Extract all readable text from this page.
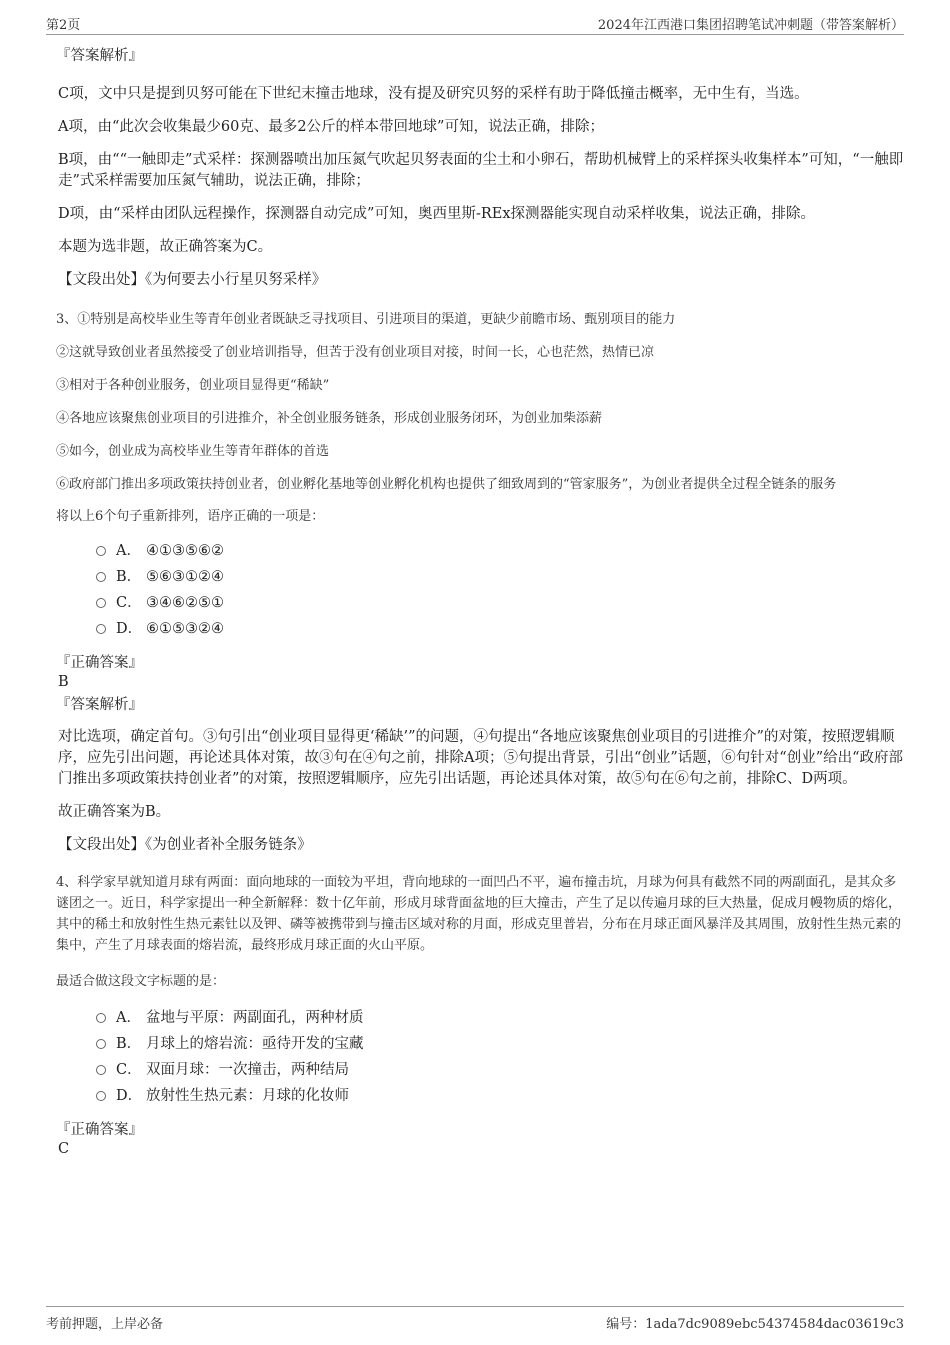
第2页	2024年江西港口集团招聘笔试冲刺题（带答案解析）
『答案解析』
C项，文中只是提到贝努可能在下世纪末撞击地球，没有提及研究贝努的采样有助于降低撞击概率，无中生有，当选。
A项，由“此次会收集最少60克、最多2公斤的样本带回地球”可知，说法正确，排除；
B项，由““一触即走”式采样：探测器喷出加压氮气吹起贝努表面的尘土和小卵石，帮助机械臂上的采样探头收集样本”可知，“一触即走”式采样需要加压氮气辅助，说法正确，排除；
D项，由“采样由团队远程操作，探测器自动完成”可知，奥西里斯-REx探测器能实现自动采样收集，说法正确，排除。
本题为选非题，故正确答案为C。
【文段出处】《为何要去小行星贝努采样》
3、①特别是高校毕业生等青年创业者既缺乏寻找项目、引进项目的渠道，更缺少前瞻市场、甄别项目的能力
②这就导致创业者虽然接受了创业培训指导，但苦于没有创业项目对接，时间一长，心也茫然，热情已凉
③相对于各种创业服务，创业项目显得更“稀缺”
④各地应该聚焦创业项目的引进推介，补全创业服务链条，形成创业服务闭环，为创业加柴添薪
⑤如今，创业成为高校毕业生等青年群体的首选
⑥政府部门推出多项政策扶持创业者，创业孵化基地等创业孵化机构也提供了细致周到的“管家服务”，为创业者提供全过程全链条的服务
将以上6个句子重新排列，语序正确的一项是：
A． ④①③⑤⑥②
B． ⑤⑥③①②④
C． ③④⑥②⑤①
D． ⑥①⑤③②④
『正确答案』
B
『答案解析』
对比选项，确定首句。③句引出“创业项目显得更‘稀缺’”的问题，④句提出“各地应该聚焦创业项目的引进推介”的对策，按照逻辑顺序，应先引出问题，再论述具体对策，故③句在④句之前，排除A项；⑤句提出背景，引出“创业”话题，⑥句针对“创业”给出“政府部门推出多项政策扶持创业者”的对策，按照逻辑顺序，应先引出话题，再论述具体对策，故⑤句在⑥句之前，排除C、D两项。
故正确答案为B。
【文段出处】《为创业者补全服务链条》
4、科学家早就知道月球有两面：面向地球的一面较为平坦，背向地球的一面凹凸不平，遍布撞击坑，月球为何具有截然不同的两副面孔，是其众多谜团之一。近日，科学家提出一种全新解释：数十亿年前，形成月球背面盆地的巨大撞击，产生了足以传遍月球的巨大热量，促成月幔物质的熔化，其中的稀土和放射性生热元素钍以及钾、磷等被携带到与撞击区域对称的月面，形成克里普岩，分布在月球正面风暴洋及其周围，放射性生热元素的集中，产生了月球表面的熔岩流，最终形成月球正面的火山平原。
最适合做这段文字标题的是：
A． 盆地与平原：两副面孔，两种材质
B． 月球上的熔岩流：亟待开发的宝藏
C． 双面月球：一次撞击，两种结局
D． 放射性生热元素：月球的化妆师
『正确答案』
C
考前押题，上岸必备	编号：1ada7dc9089ebc54374584dac03619c3
